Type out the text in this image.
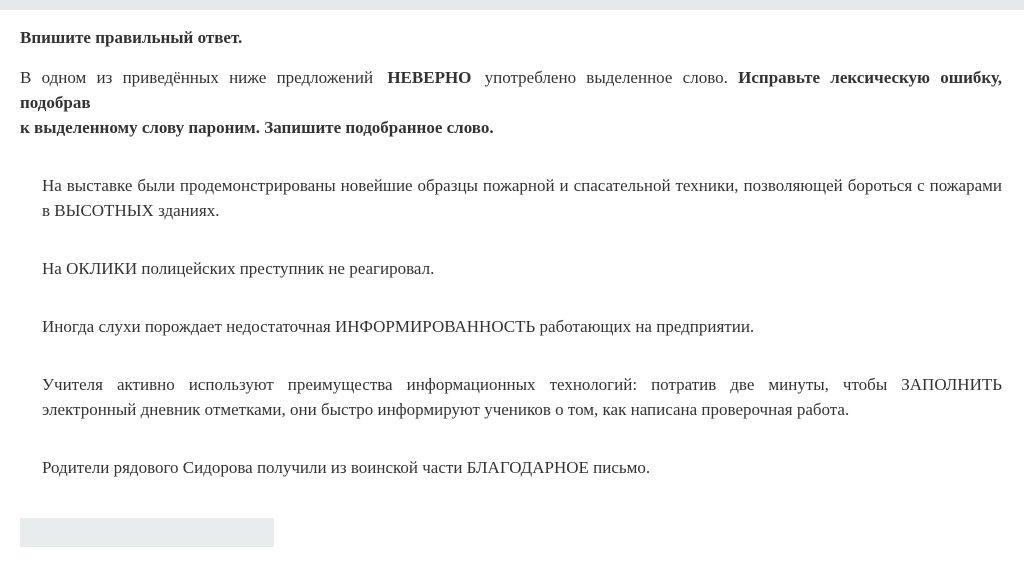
Впишите правильный ответ.

В одном из приведённых ниже предложений НЕВЕРНО употреблено выделенное слово. Исправьте лексическую ошибку, подобрав
к выделенному слову пароним. Запишите подобранное слово.

На выставке были продемонстрированы новейшие образцы пожарной и спасательной техники, позволяющей бороться с пожарами в ВЫСОТНЫХ зданиях.

На ОКЛИКИ полицейских преступник не реагировал.

Иногда слухи порождает недостаточная ИНФОРМИРОВАННОСТЬ работающих на предприятии.

Учителя активно используют преимущества информационных технологий: потратив две минуты, чтобы ЗАПОЛНИТЬ электронный дневник отметками, они быстро информируют учеников о том, как написана проверочная работа.

Родители рядового Сидорова получили из воинской части БЛАГОДАРНОЕ письмо.
